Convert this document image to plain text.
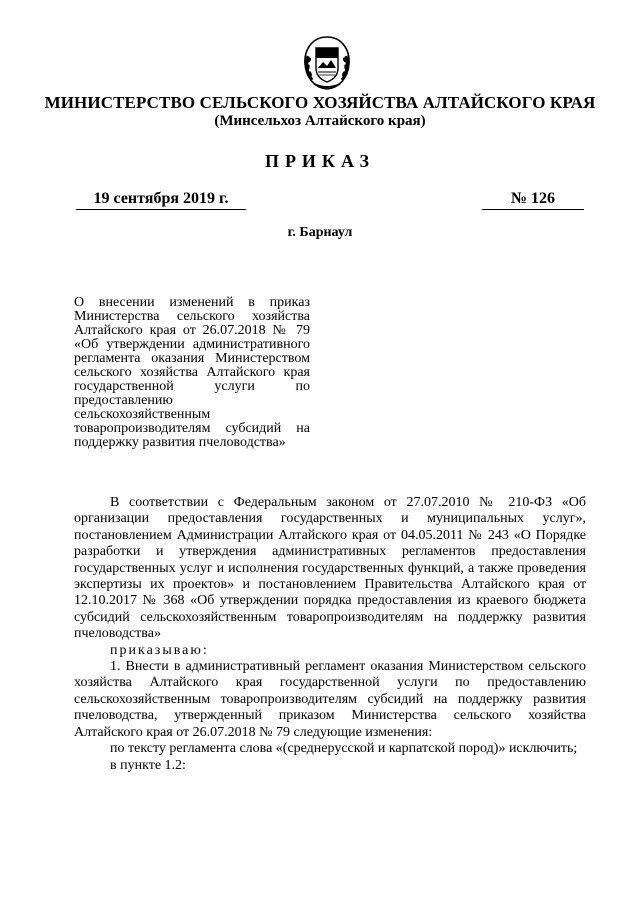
МИНИСТЕРСТВО СЕЛЬСКОГО ХОЗЯЙСТВА АЛТАЙСКОГО КРАЯ
(Минсельхоз Алтайского края)
ПРИКАЗ
19 сентября 2019 г.	№ 126
г. Барнаул
О внесении изменений в приказ Министерства сельского хозяйства Алтайского края от 26.07.2018 № 79 «Об утверждении административного регламента оказания Министерством сельского хозяйства Алтайского края государственной услуги по предоставлению сельскохозяйственным товаропроизводителям субсидий на поддержку развития пчеловодства»

В соответствии с Федеральным законом от 27.07.2010 № 210-ФЗ «Об организации предоставления государственных и муниципальных услуг», постановлением Администрации Алтайского края от 04.05.2011 № 243 «О Порядке разработки и утверждения административных регламентов предоставления государственных услуг и исполнения государственных функций, а также проведения экспертизы их проектов» и постановлением Правительства Алтайского края от 12.10.2017 № 368 «Об утверждении порядка предоставления из краевого бюджета субсидий сельскохозяйственным товаропроизводителям на поддержку развития пчеловодства»

приказываю:

1. Внести в административный регламент оказания Министерством сельского хозяйства Алтайского края государственной услуги по предоставлению сельскохозяйственным товаропроизводителям субсидий на поддержку развития пчеловодства, утвержденный приказом Министерства сельского хозяйства Алтайского края от 26.07.2018 № 79 следующие изменения:

по тексту регламента слова «(среднерусской и карпатской пород)» исключить;

в пункте 1.2:
